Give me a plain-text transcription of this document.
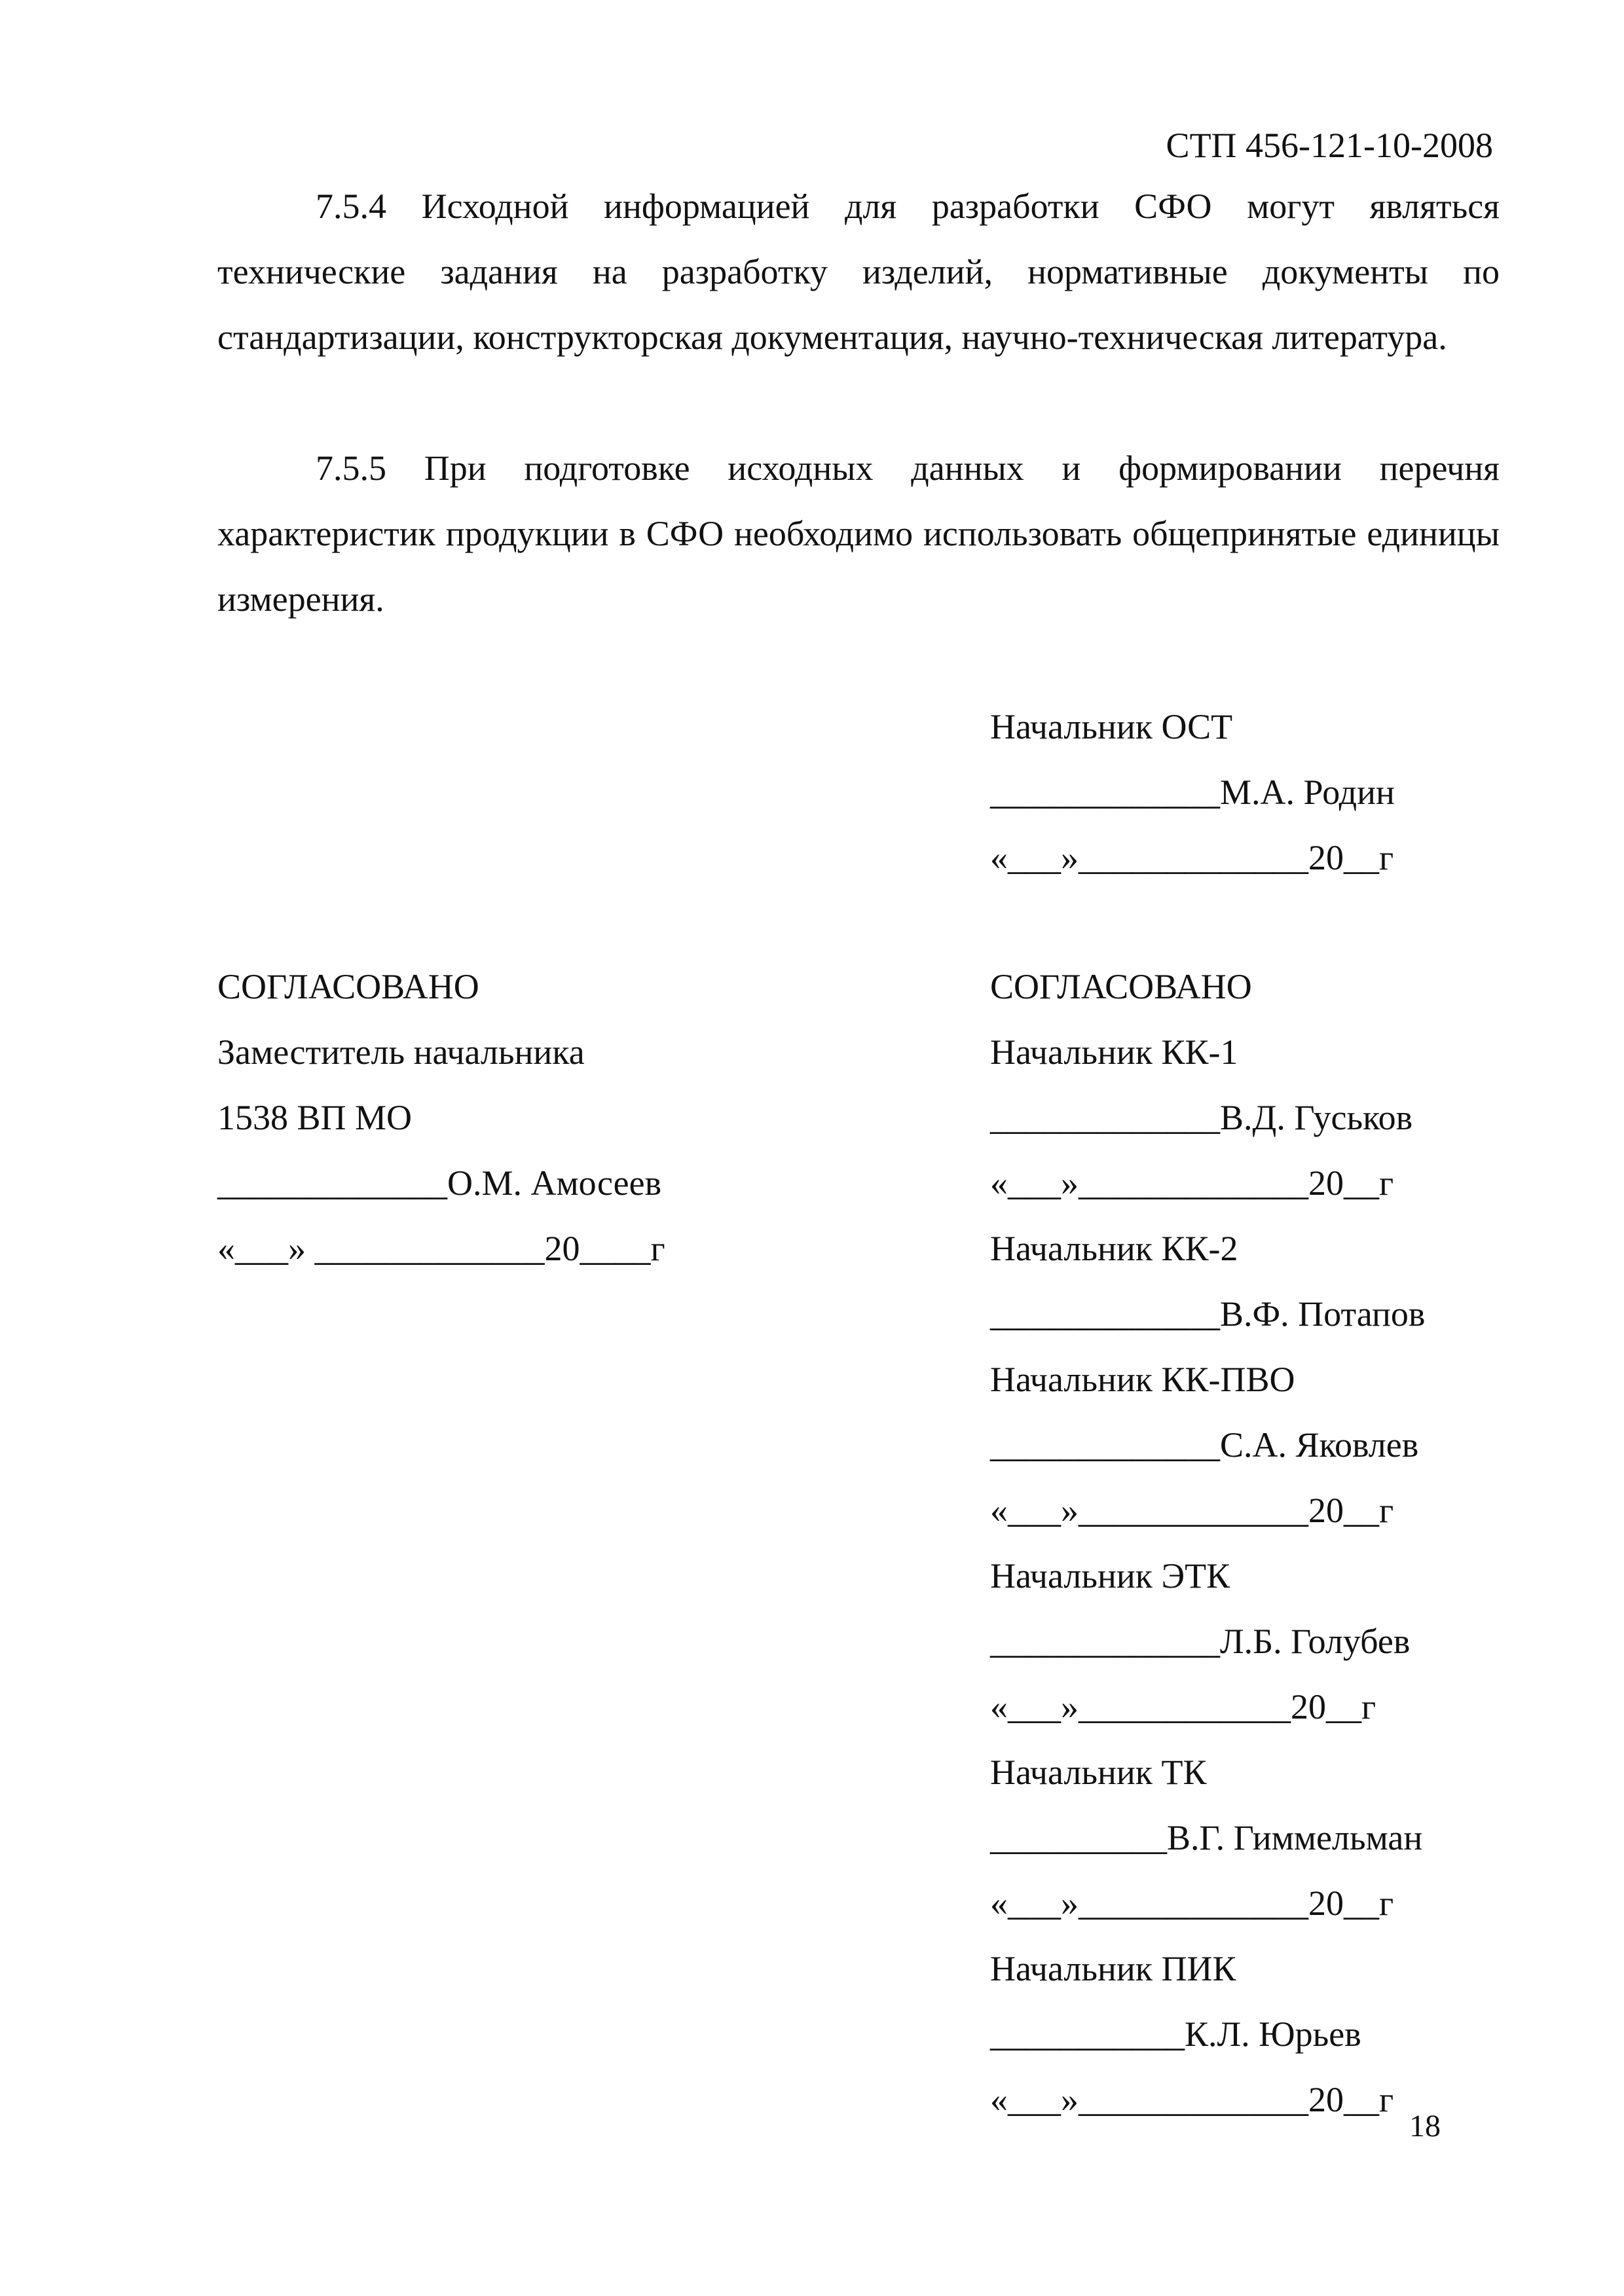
СТП 456-121-10-2008

7.5.4 Исходной информацией для разработки СФО могут являться технические задания на разработку изделий, нормативные документы по стандартизации, конструкторская документация, научно-техническая литература.

7.5.5 При подготовке исходных данных и формировании перечня характеристик продукции в СФО необходимо использовать общепринятые единицы измерения.

Начальник ОСТ

_____________М.А. Родин

«___»_____________20__г

СОГЛАСОВАНО

Заместитель начальника

1538 ВП МО

_____________О.М. Амосеев

«___» _____________20____г

СОГЛАСОВАНО

Начальник КК-1

_____________В.Д. Гуськов

«___»_____________20__г

Начальник КК-2

_____________В.Ф. Потапов

Начальник КК-ПВО

_____________С.А. Яковлев

«___»_____________20__г

Начальник ЭТК

_____________Л.Б. Голубев

«___»____________20__г

Начальник ТК

__________В.Г. Гиммельман

«___»_____________20__г

Начальник ПИК

___________К.Л. Юрьев

«___»_____________20__г

18
